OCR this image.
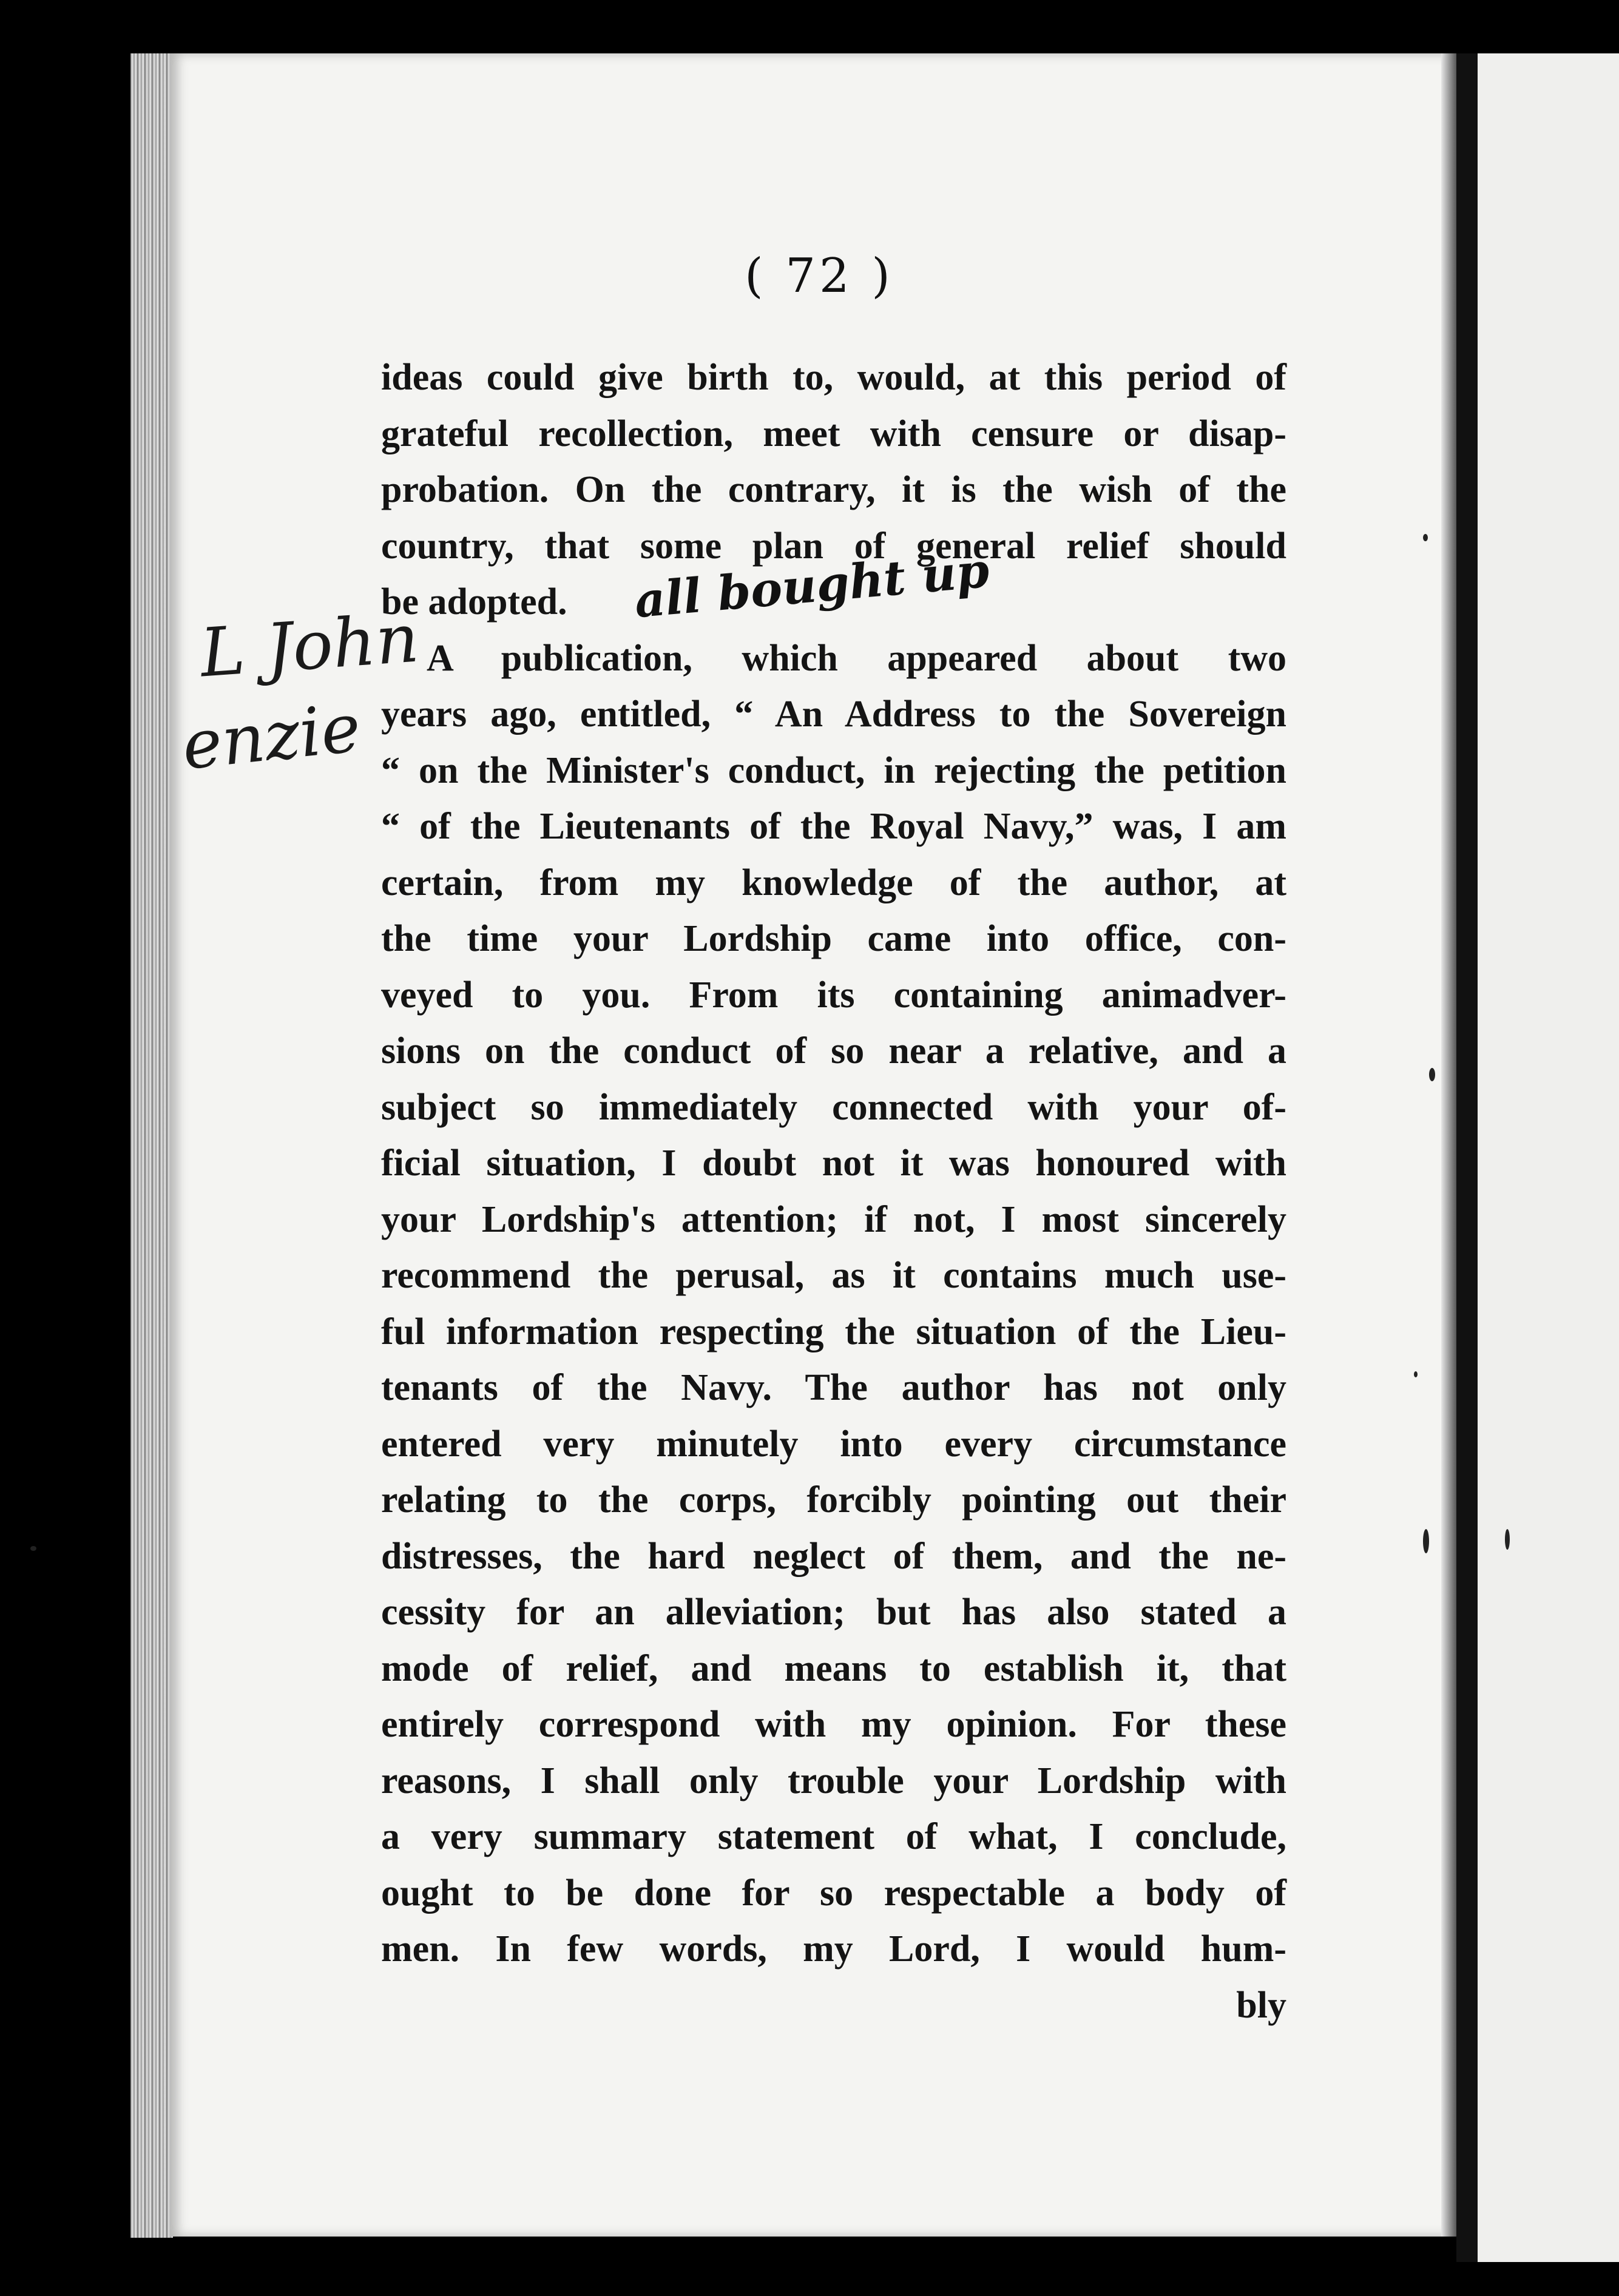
( 72 )
ideas could give birth to, would, at this period of
grateful recollection, meet with censure or disap-
probation. On the contrary, it is the wish of the
country, that some plan of general relief should
be adopted.
A publication, which appeared about two
years ago, entitled, “ An Address to the Sovereign
“ on the Minister's conduct, in rejecting the petition
“ of the Lieutenants of the Royal Navy,” was, I am
certain, from my knowledge of the author, at
the time your Lordship came into office, con-
veyed to you. From its containing animadver-
sions on the conduct of so near a relative, and a
subject so immediately connected with your of-
ficial situation, I doubt not it was honoured with
your Lordship's attention; if not, I most sincerely
recommend the perusal, as it contains much use-
ful information respecting the situation of the Lieu-
tenants of the Navy. The author has not only
entered very minutely into every circumstance
relating to the corps, forcibly pointing out their
distresses, the hard neglect of them, and the ne-
cessity for an alleviation; but has also stated a
mode of relief, and means to establish it, that
entirely correspond with my opinion. For these
reasons, I shall only trouble your Lordship with
a very summary statement of what, I conclude,
ought to be done for so respectable a body of
men. In few words, my Lord, I would hum-
bly
all bought up
L John
enzie
